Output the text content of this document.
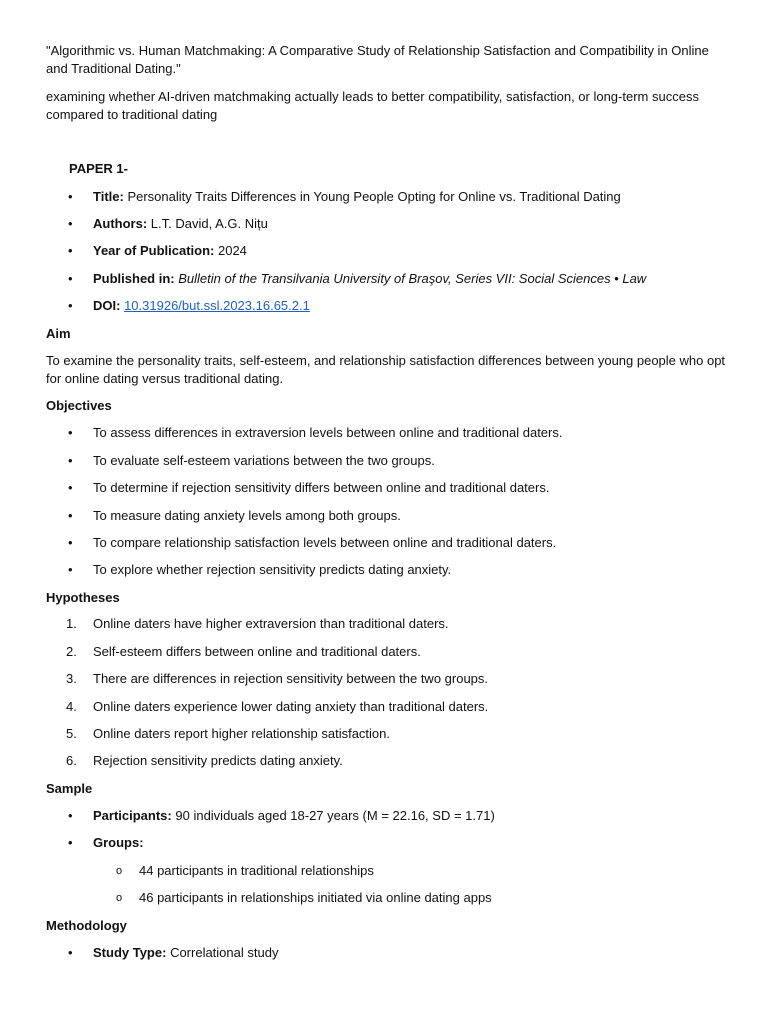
"Algorithmic vs. Human Matchmaking: A Comparative Study of Relationship Satisfaction and Compatibility in Online and Traditional Dating."

examining whether AI-driven matchmaking actually leads to better compatibility, satisfaction, or long-term success compared to traditional dating

PAPER 1-
•	Title: Personality Traits Differences in Young People Opting for Online vs. Traditional Dating
•	Authors: L.T. David, A.G. Nițu
•	Year of Publication: 2024
•	Published in: Bulletin of the Transilvania University of Braşov, Series VII: Social Sciences • Law
•	DOI: 10.31926/but.ssl.2023.16.65.2.1
Aim

To examine the personality traits, self-esteem, and relationship satisfaction differences between young people who opt for online dating versus traditional dating.

Objectives
•	To assess differences in extraversion levels between online and traditional daters.
•	To evaluate self-esteem variations between the two groups.
•	To determine if rejection sensitivity differs between online and traditional daters.
•	To measure dating anxiety levels among both groups.
•	To compare relationship satisfaction levels between online and traditional daters.
•	To explore whether rejection sensitivity predicts dating anxiety.
Hypotheses
1.	Online daters have higher extraversion than traditional daters.
2.	Self-esteem differs between online and traditional daters.
3.	There are differences in rejection sensitivity between the two groups.
4.	Online daters experience lower dating anxiety than traditional daters.
5.	Online daters report higher relationship satisfaction.
6.	Rejection sensitivity predicts dating anxiety.
Sample
•	Participants: 90 individuals aged 18-27 years (M = 22.16, SD = 1.71)
•	Groups:
o 44 participants in traditional relationships
o 46 participants in relationships initiated via online dating apps
Methodology
•	Study Type: Correlational study
